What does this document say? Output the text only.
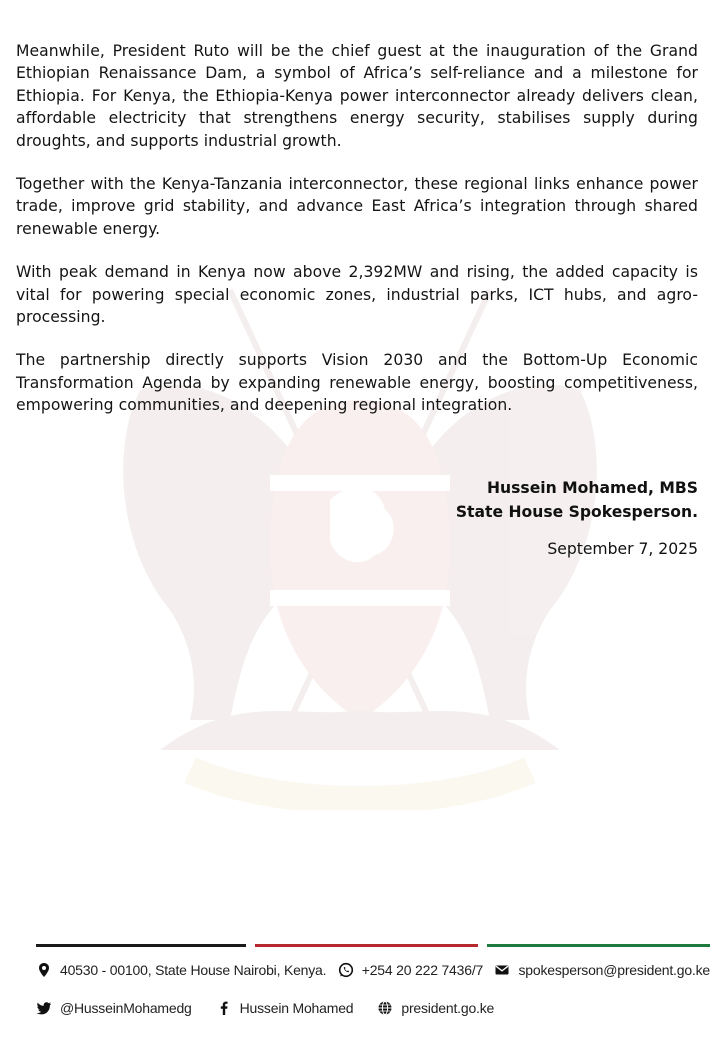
Meanwhile, President Ruto will be the chief guest at the inauguration of the Grand Ethiopian Renaissance Dam, a symbol of Africa’s self-reliance and a milestone for Ethiopia. For Kenya, the Ethiopia-Kenya power interconnector already delivers clean, affordable electricity that strengthens energy security, stabilises supply during droughts, and supports industrial growth.

Together with the Kenya-Tanzania interconnector, these regional links enhance power trade, improve grid stability, and advance East Africa’s integration through shared renewable energy.

With peak demand in Kenya now above 2,392MW and rising, the added capacity is vital for powering special economic zones, industrial parks, ICT hubs, and agro-processing.

The partnership directly supports Vision 2030 and the Bottom-Up Economic Transformation Agenda by expanding renewable energy, boosting competitiveness, empowering communities, and deepening regional integration.

Hussein Mohamed, MBS
State House Spokesperson.
September 7, 2025
40530 - 00100, State House Nairobi, Kenya.	+254 20 222 7436/7	spokesperson@president.go.ke
@HusseinMohamedg	Hussein Mohamed	president.go.ke
